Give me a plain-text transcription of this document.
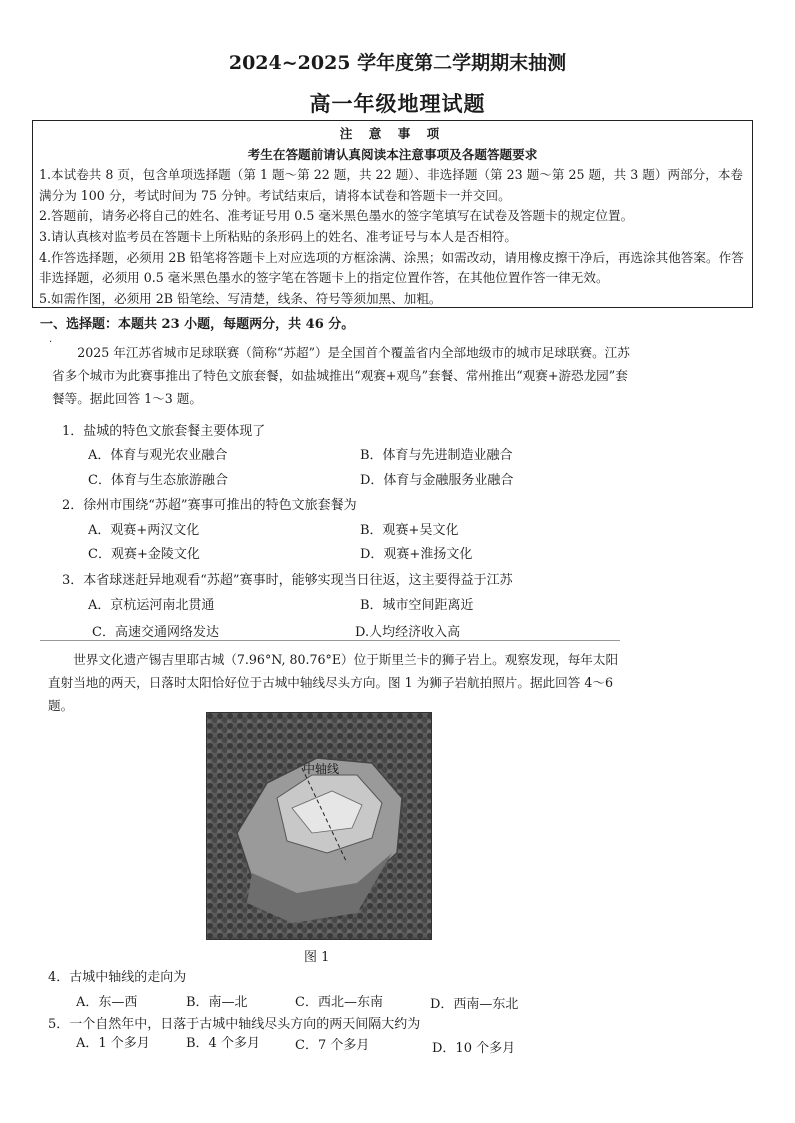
2024~2025 学年度第二学期期末抽测
高一年级地理试题
注 意 事 项
考生在答题前请认真阅读本注意事项及各题答题要求

1.本试卷共 8 页，包含单项选择题（第 1 题～第 22 题，共 22 题）、非选择题（第 23 题～第 25 题，共 3 题）两部分，本卷满分为 100 分，考试时间为 75 分钟。考试结束后，请将本试卷和答题卡一并交回。

2.答题前，请务必将自己的姓名、准考证号用 0.5 毫米黑色墨水的签字笔填写在试卷及答题卡的规定位置。

3.请认真核对监考员在答题卡上所粘贴的条形码上的姓名、准考证号与本人是否相符。

4.作答选择题，必须用 2B 铅笔将答题卡上对应选项的方框涂满、涂黑；如需改动，请用橡皮擦干净后，再选涂其他答案。作答非选择题，必须用 0.5 毫米黑色墨水的签字笔在答题卡上的指定位置作答，在其他位置作答一律无效。

5.如需作图，必须用 2B 铅笔绘、写清楚，线条、符号等须加黑、加粗。

一、选择题：本题共 23 小题，每题两分，共 46 分。
.

2025 年江苏省城市足球联赛（简称“苏超”）是全国首个覆盖省内全部地级市的城市足球联赛。江苏省多个城市为此赛事推出了特色文旅套餐，如盐城推出“观赛+观鸟”套餐、常州推出“观赛+游恐龙园”套餐等。据此回答 1～3 题。

1．盐城的特色文旅套餐主要体现了
A．体育与观光农业融合	B．体育与先进制造业融合
C．体育与生态旅游融合	D．体育与金融服务业融合
2．徐州市围绕“苏超”赛事可推出的特色文旅套餐为
A．观赛+两汉文化	B．观赛+吴文化
C．观赛+金陵文化	D．观赛+淮扬文化
3．本省球迷赶异地观看“苏超”赛事时，能够实现当日往返，这主要得益于江苏
A．京杭运河南北贯通	B．城市空间距离近
C．高速交通网络发达	D.人均经济收入高

世界文化遗产锡吉里耶古城（7.96°N, 80.76°E）位于斯里兰卡的狮子岩上。观察发现，每年太阳直射当地的两天，日落时太阳恰好位于古城中轴线尽头方向。图 1 为狮子岩航拍照片。据此回答 4～6 题。

中轴线
图 1
4．古城中轴线的走向为
A．东—西	B．南—北	C．西北—东南	D．西南—东北
5．一个自然年中，日落于古城中轴线尽头方向的两天间隔大约为
A．1 个多月	B．4 个多月	C．7 个多月	D．10 个多月
